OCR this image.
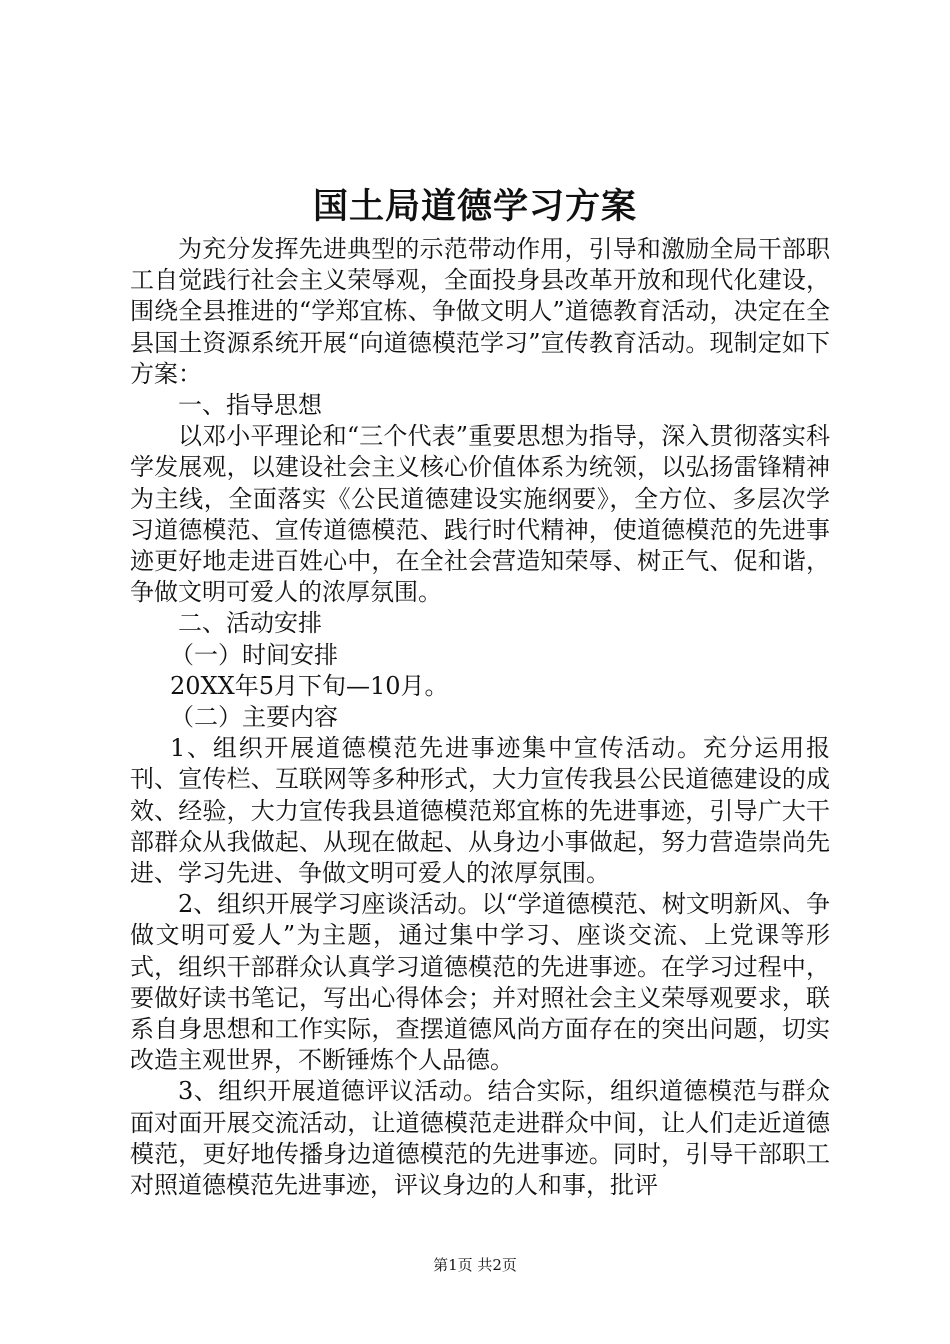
国土局道德学习方案

为充分发挥先进典型的示范带动作用，引导和激励全局干部职工自觉践行社会主义荣辱观，全面投身县改革开放和现代化建设，围绕全县推进的“学郑宜栋、争做文明人”道德教育活动，决定在全县国土资源系统开展“向道德模范学习”宣传教育活动。现制定如下方案：

一、指导思想

以邓小平理论和“三个代表”重要思想为指导，深入贯彻落实科学发展观，以建设社会主义核心价值体系为统领，以弘扬雷锋精神为主线，全面落实《公民道德建设实施纲要》，全方位、多层次学习道德模范、宣传道德模范、践行时代精神，使道德模范的先进事迹更好地走进百姓心中，在全社会营造知荣辱、树正气、促和谐，争做文明可爱人的浓厚氛围。

二、活动安排

（一）时间安排

20XX年5月下旬—10月。

（二）主要内容

1、组织开展道德模范先进事迹集中宣传活动。充分运用报刊、宣传栏、互联网等多种形式，大力宣传我县公民道德建设的成效、经验，大力宣传我县道德模范郑宜栋的先进事迹，引导广大干部群众从我做起、从现在做起、从身边小事做起，努力营造崇尚先进、学习先进、争做文明可爱人的浓厚氛围。

2、组织开展学习座谈活动。以“学道德模范、树文明新风、争做文明可爱人”为主题，通过集中学习、座谈交流、上党课等形式，组织干部群众认真学习道德模范的先进事迹。在学习过程中，要做好读书笔记，写出心得体会；并对照社会主义荣辱观要求，联系自身思想和工作实际，查摆道德风尚方面存在的突出问题，切实改造主观世界，不断锤炼个人品德。

3、组织开展道德评议活动。结合实际，组织道德模范与群众面对面开展交流活动，让道德模范走进群众中间，让人们走近道德模范，更好地传播身边道德模范的先进事迹。同时，引导干部职工对照道德模范先进事迹，评议身边的人和事，批评

第1页 共2页
